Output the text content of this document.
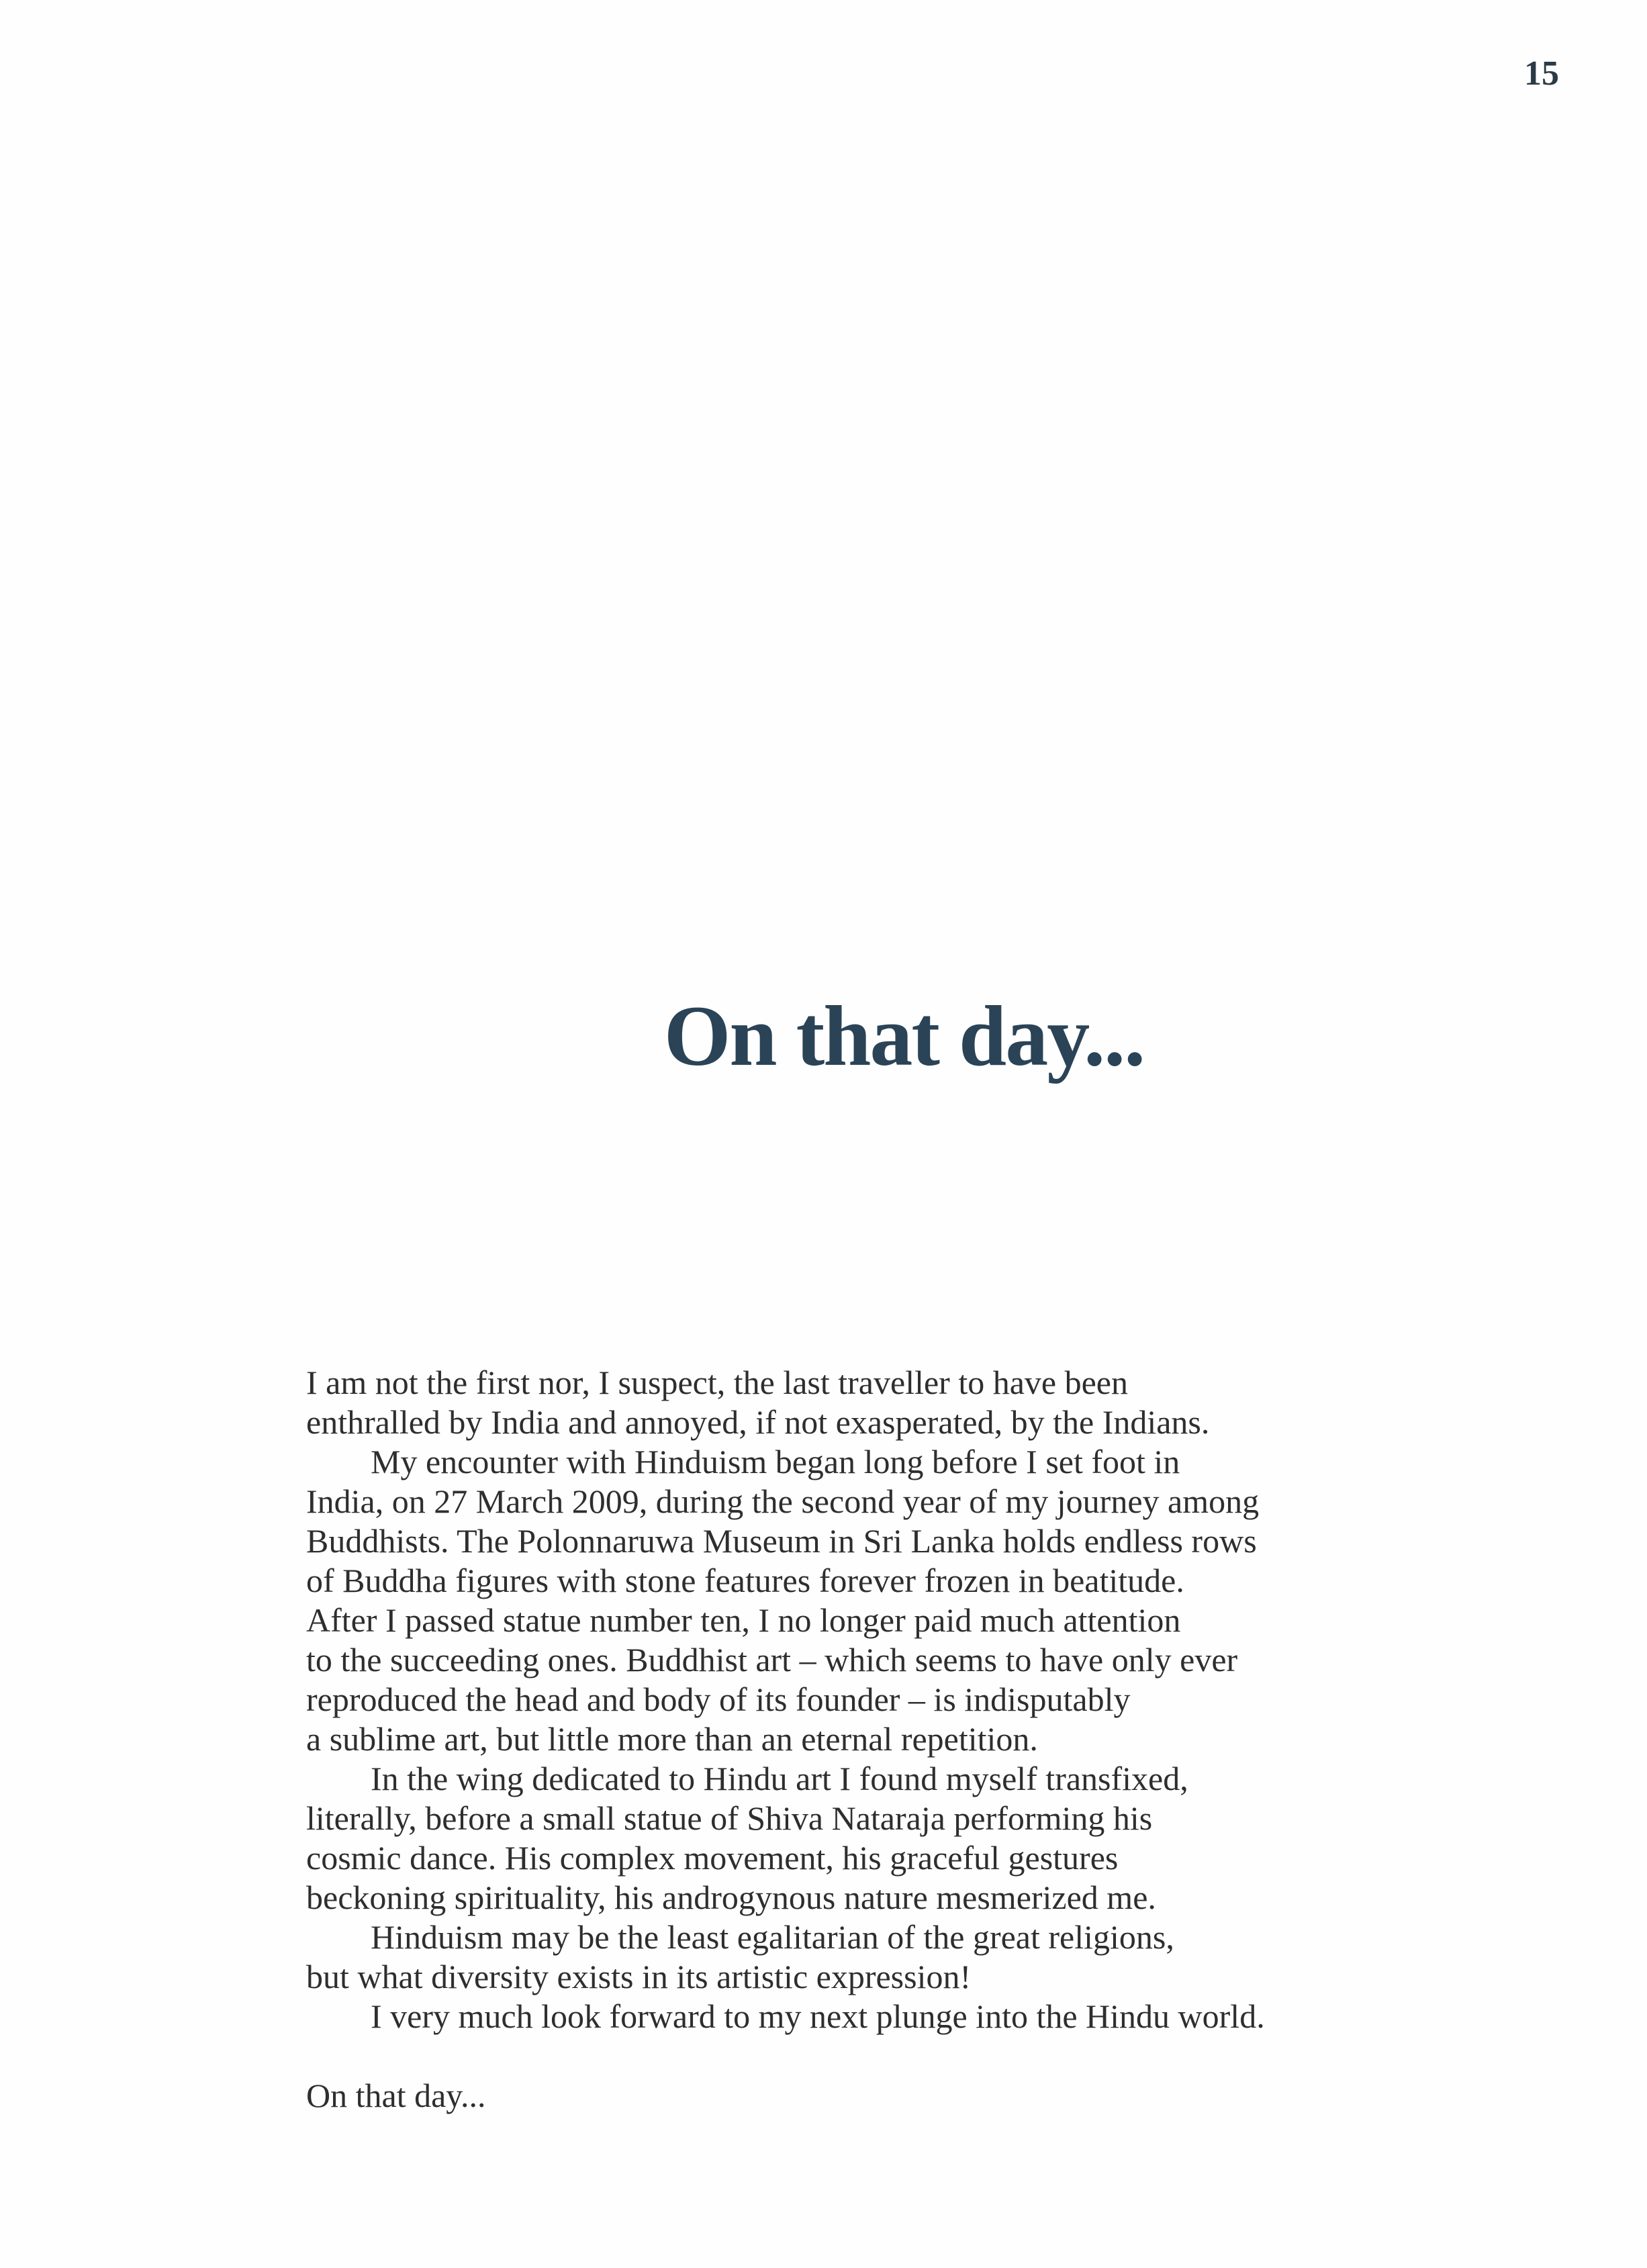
15
On that day...
I am not the first nor, I suspect, the last traveller to have been
enthralled by India and annoyed, if not exasperated, by the Indians.
My encounter with Hinduism began long before I set foot in
India, on 27 March 2009, during the second year of my journey among
Buddhists. The Polonnaruwa Museum in Sri Lanka holds endless rows
of Buddha figures with stone features forever frozen in beatitude.
After I passed statue number ten, I no longer paid much attention
to the succeeding ones. Buddhist art – which seems to have only ever
reproduced the head and body of its founder – is indisputably
a sublime art, but little more than an eternal repetition.
In the wing dedicated to Hindu art I found myself transfixed,
literally, before a small statue of Shiva Nataraja performing his
cosmic dance. His complex movement, his graceful gestures
beckoning spirituality, his androgynous nature mesmerized me.
Hinduism may be the least egalitarian of the great religions,
but what diversity exists in its artistic expression!
I very much look forward to my next plunge into the Hindu world.
On that day...
